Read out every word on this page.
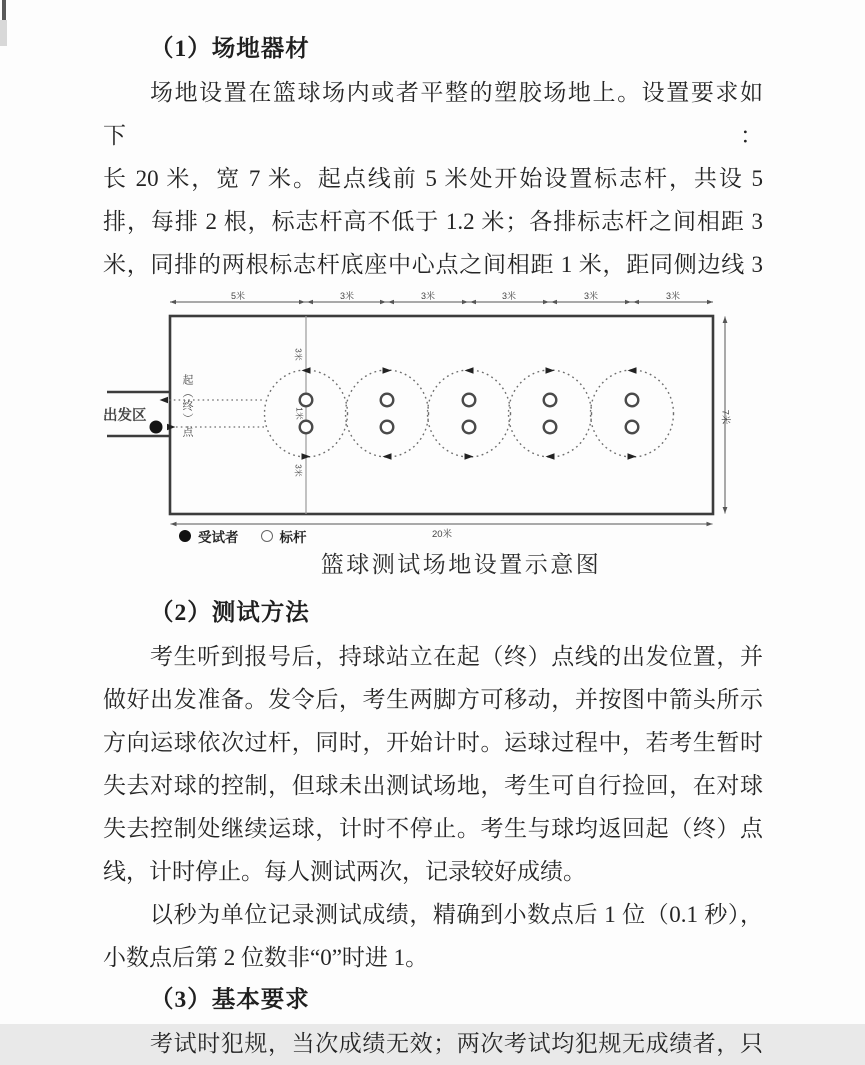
（1）场地器材
场地设置在篮球场内或者平整的塑胶场地上。设置要求如下：
长 20 米，宽 7 米。起点线前 5 米处开始设置标志杆，共设 5
排，每排 2 根，标志杆高不低于 1.2 米；各排标志杆之间相距 3
米，同排的两根标志杆底座中心点之间相距 1 米，距同侧边线 3
5米	3米	3米	3米	3米	3米
出发区	起（终）点
3米
1米
3米
7米
20米
受试者	标杆
篮球测试场地设置示意图
（2）测试方法
考生听到报号后，持球站立在起（终）点线的出发位置，并
做好出发准备。发令后，考生两脚方可移动，并按图中箭头所示
方向运球依次过杆，同时，开始计时。运球过程中，若考生暂时
失去对球的控制，但球未出测试场地，考生可自行捡回，在对球
失去控制处继续运球，计时不停止。考生与球均返回起（终）点
线，计时停止。每人测试两次，记录较好成绩。
以秒为单位记录测试成绩，精确到小数点后 1 位（0.1 秒），
小数点后第 2 位数非“0”时进 1。
（3）基本要求
考试时犯规，当次成绩无效；两次考试均犯规无成绩者，只
